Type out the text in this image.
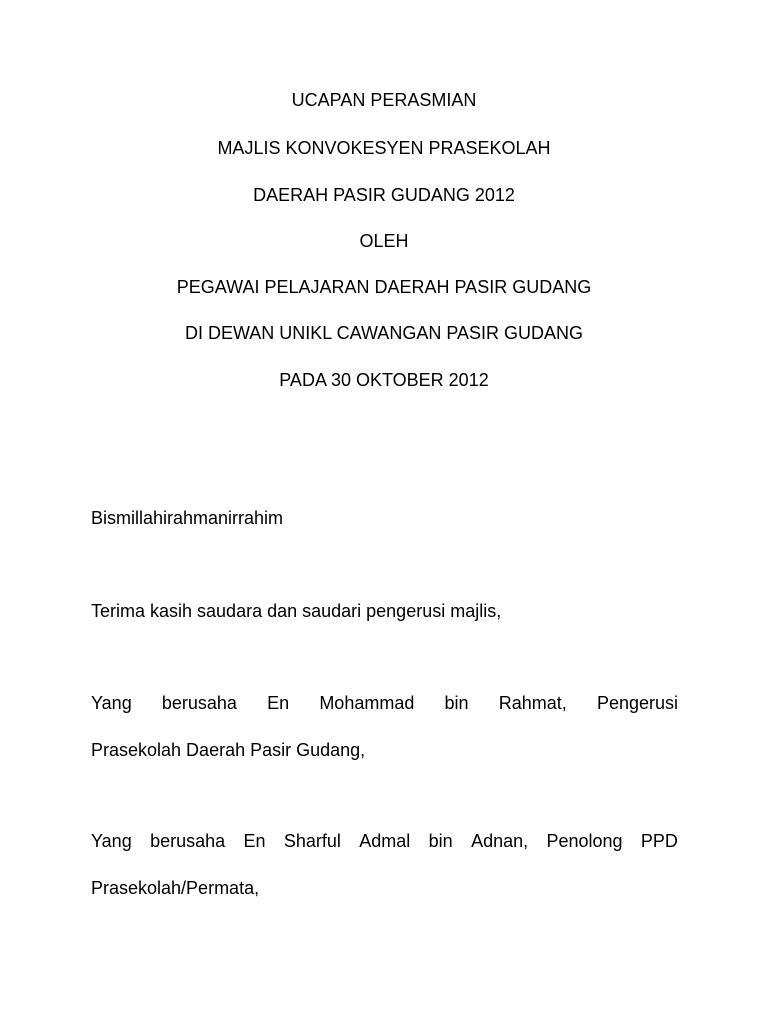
UCAPAN PERASMIAN
MAJLIS KONVOKESYEN PRASEKOLAH
DAERAH PASIR GUDANG 2012
OLEH
PEGAWAI PELAJARAN DAERAH PASIR GUDANG
DI DEWAN UNIKL CAWANGAN PASIR GUDANG
PADA 30 OKTOBER 2012
Bismillahirahmanirrahim
Terima kasih saudara dan saudari pengerusi majlis,
Yang berusaha En Mohammad bin Rahmat, Pengerusi
Prasekolah Daerah Pasir Gudang,
Yang berusaha En Sharful Admal bin Adnan, Penolong PPD
Prasekolah/Permata,
